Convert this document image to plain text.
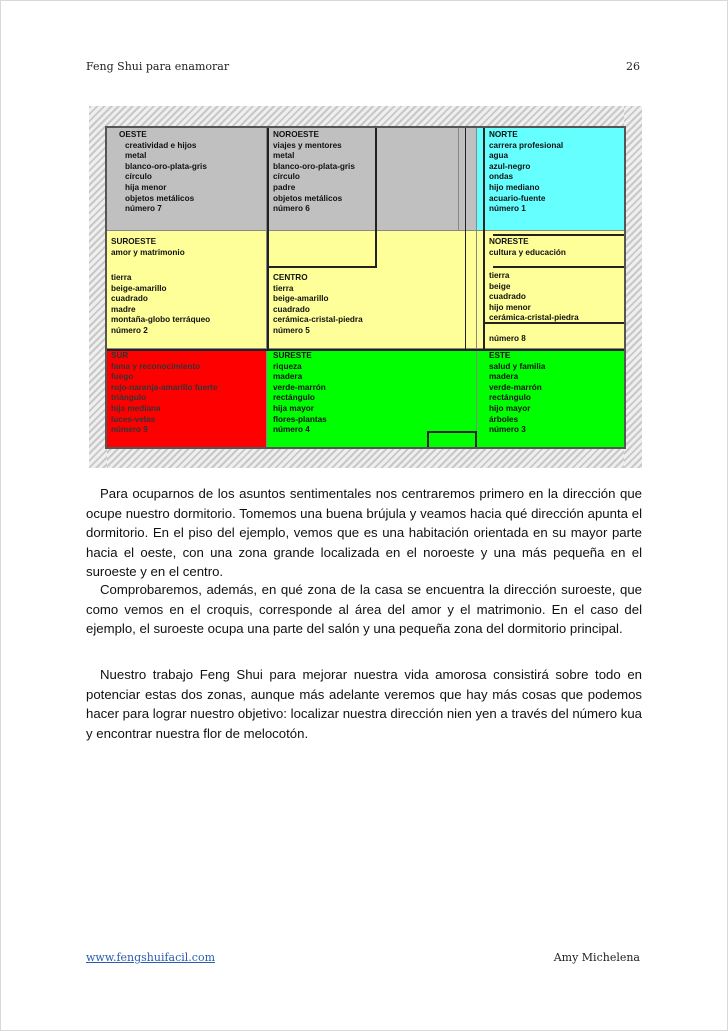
Feng Shui para enamorar	26
OESTE
creatividad e hijos
metal
blanco-oro-plata-gris
círculo
hija menor
objetos metálicos
número 7
NOROESTE
viajes y mentores
metal
blanco-oro-plata-gris
círculo
padre
objetos metálicos
número 6
NORTE
carrera profesional
agua
azul-negro
ondas
hijo mediano
acuario-fuente
número 1
SUROESTE
amor y matrimonio
tierra
beige-amarillo
cuadrado
madre
montaña-globo terráqueo
número 2
CENTRO
tierra
beige-amarillo
cuadrado
cerámica-cristal-piedra
número 5
NORESTE
cultura y educación
tierra
beige
cuadrado
hijo menor
cerámica-cristal-piedra
número 8
SUR
fama y reconocimiento
fuego
rojo-naranja-amarillo fuerte
triángulo
hija mediana
luces-velas
número 9
SURESTE
riqueza
madera
verde-marrón
rectángulo
hija mayor
flores-plantas
número 4
ESTE
salud y familia
madera
verde-marrón
rectángulo
hijo mayor
árboles
número 3

Para ocuparnos de los asuntos sentimentales nos centraremos primero en la dirección que ocupe nuestro dormitorio. Tomemos una buena brújula y veamos hacia qué dirección apunta el dormitorio. En el piso del ejemplo, vemos que es una habitación orientada en su mayor parte hacia el oeste, con una zona grande localizada en el noroeste y una más pequeña en el suroeste y en el centro.

Comprobaremos, además, en qué zona de la casa se encuentra la dirección suroeste, que como vemos en el croquis, corresponde al área del amor y el matrimonio. En el caso del ejemplo, el suroeste ocupa una parte del salón y una pequeña zona del dormitorio principal.

Nuestro trabajo Feng Shui para mejorar nuestra vida amorosa consistirá sobre todo en potenciar estas dos zonas, aunque más adelante veremos que hay más cosas que podemos hacer para lograr nuestro objetivo: localizar nuestra dirección nien yen a través del número kua y encontrar nuestra flor de melocotón.

www.fengshuifacil.com	Amy Michelena
